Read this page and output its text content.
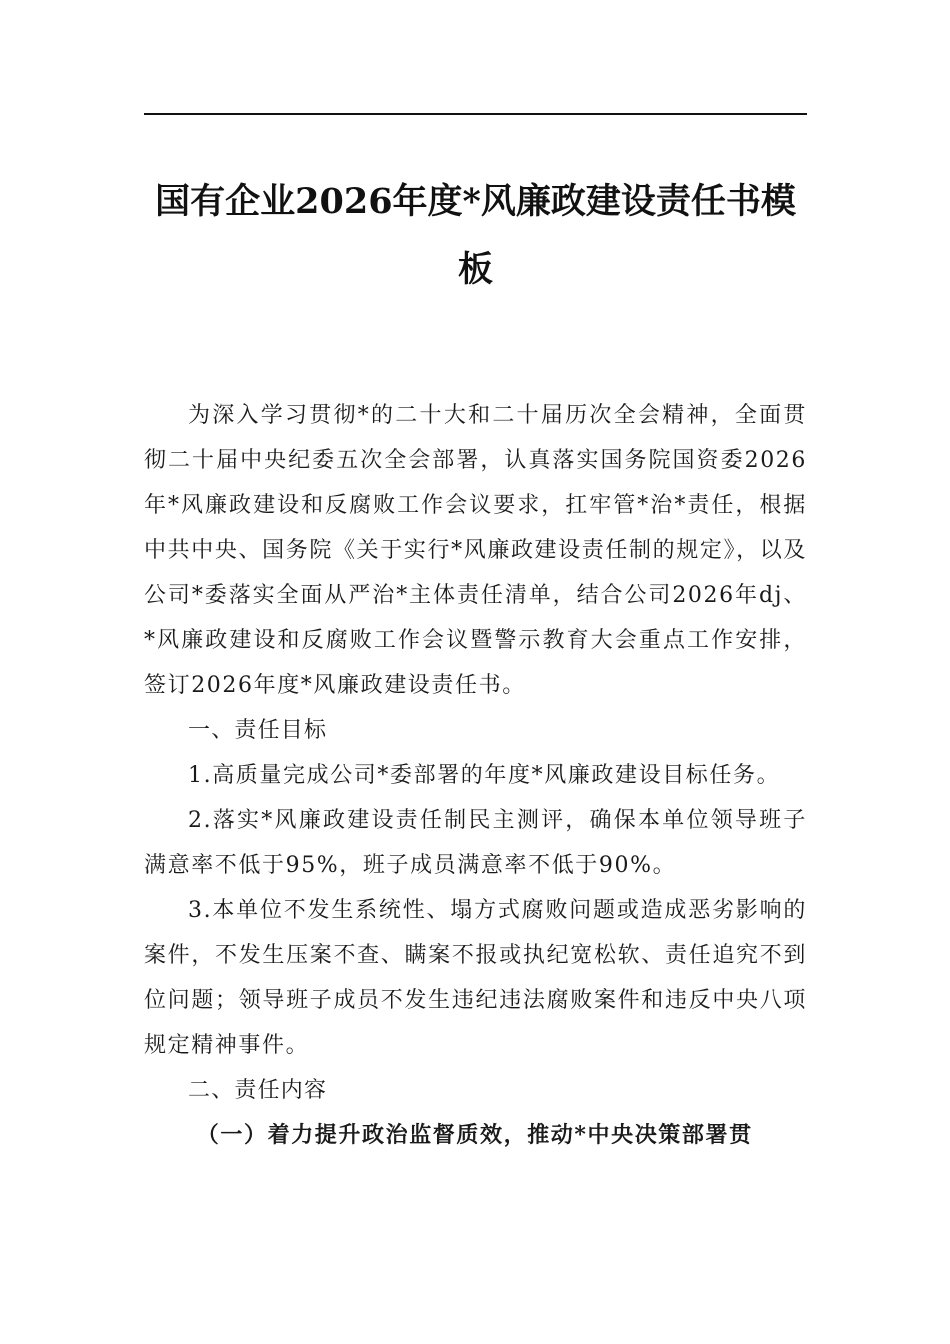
国有企业2026年度*风廉政建设责任书模板

为深入学习贯彻*的二十大和二十届历次全会精神，全面贯彻二十届中央纪委五次全会部署，认真落实国务院国资委2026年*风廉政建设和反腐败工作会议要求，扛牢管*治*责任，根据中共中央、国务院《关于实行*风廉政建设责任制的规定》，以及公司*委落实全面从严治*主体责任清单，结合公司2026年dj、*风廉政建设和反腐败工作会议暨警示教育大会重点工作安排，签订2026年度*风廉政建设责任书。

一、责任目标

1.高质量完成公司*委部署的年度*风廉政建设目标任务。

2.落实*风廉政建设责任制民主测评，确保本单位领导班子满意率不低于95%，班子成员满意率不低于90%。

3.本单位不发生系统性、塌方式腐败问题或造成恶劣影响的案件，不发生压案不查、瞒案不报或执纪宽松软、责任追究不到位问题；领导班子成员不发生违纪违法腐败案件和违反中央八项规定精神事件。

二、责任内容

（一）着力提升政治监督质效，推动*中央决策部署贯
